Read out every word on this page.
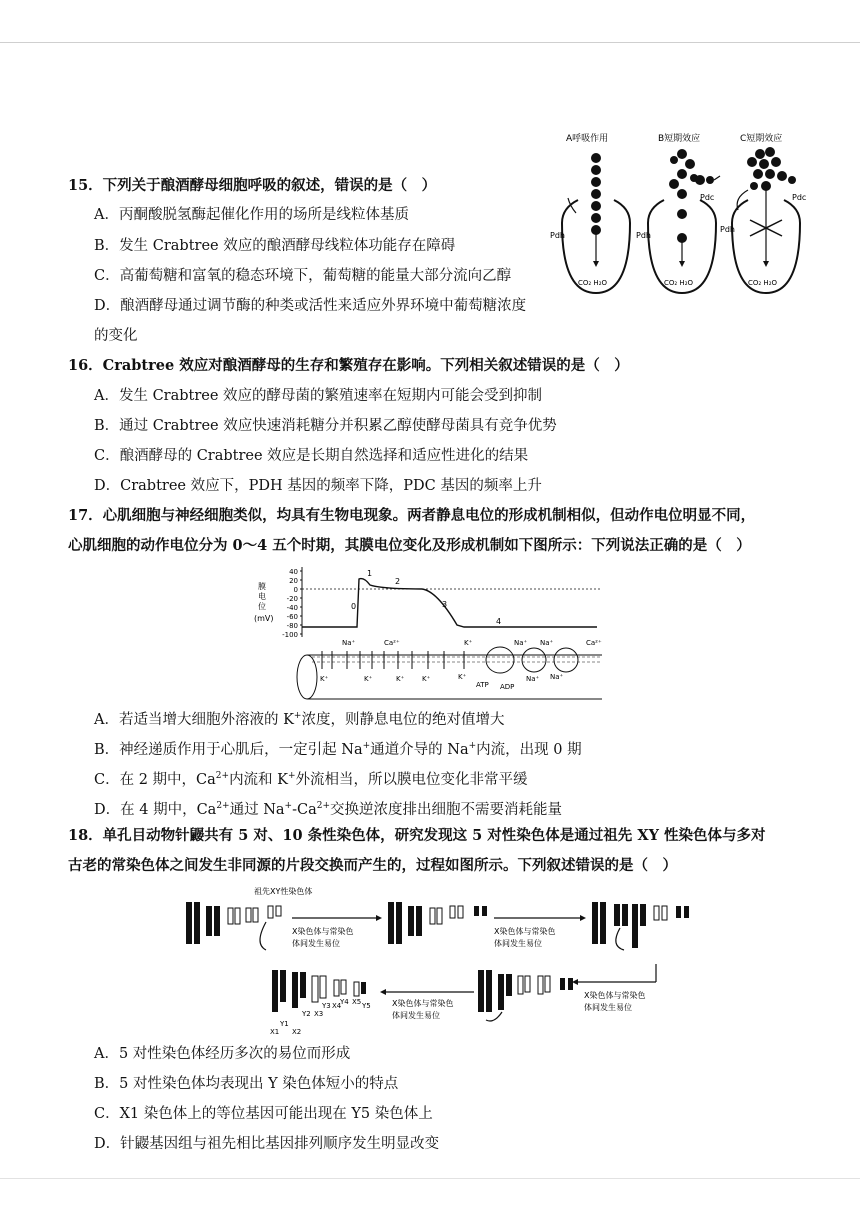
15．下列关于酿酒酵母细胞呼吸的叙述，错误的是（　）
A．丙酮酸脱氢酶起催化作用的场所是线粒体基质
B．发生 Crabtree 效应的酿酒酵母线粒体功能存在障碍
C．高葡萄糖和富氧的稳态环境下，葡萄糖的能量大部分流向乙醇
D．酿酒酵母通过调节酶的种类或活性来适应外界环境中葡萄糖浓度
的变化
A呼吸作用
Pdh
CO₂ H₂O
B短期效应
Pdc
Pdh
CO₂ H₂O
C短期效应
Pdc
Pdh
CO₂ H₂O
16．Crabtree 效应对酿酒酵母的生存和繁殖存在影响。下列相关叙述错误的是（　）
A．发生 Crabtree 效应的酵母菌的繁殖速率在短期内可能会受到抑制
B．通过 Crabtree 效应快速消耗糖分并积累乙醇使酵母菌具有竞争优势
C．酿酒酵母的 Crabtree 效应是长期自然选择和适应性进化的结果
D．Crabtree 效应下，PDH 基因的频率下降，PDC 基因的频率上升
17．心肌细胞与神经细胞类似，均具有生物电现象。两者静息电位的形成机制相似，但动作电位明显不同，
心肌细胞的动作电位分为 0～4 五个时期，其膜电位变化及形成机制如下图所示：下列说法正确的是（　）
膜
电
位
(mV)
40
20
0
-20
-40
-60
-80
-100
0
1
2
3
4
Na⁺	Ca²⁺	K⁺	Na⁺ Na⁺	Ca²⁺
K⁺	K⁺	K⁺	K⁺	K⁺	Na⁺
Na⁺
ATP ADP
A．若适当增大细胞外溶液的 K+浓度，则静息电位的绝对值增大
B．神经递质作用于心肌后，一定引起 Na+通道介导的 Na+内流，出现 0 期
C．在 2 期中，$Ca^{2+}$内流和 K+外流相当，所以膜电位变化非常平缓
D．在 4 期中，$Ca^{2+}$通过 $Na^+-Ca^{2+}$交换逆浓度排出细胞不需要消耗能量
18．单孔目动物针鼹共有 5 对、10 条性染色体，研究发现这 5 对性染色体是通过祖先 XY 性染色体与多对
古老的常染色体之间发生非同源的片段交换而产生的，过程如图所示。下列叙述错误的是（　）
祖先XY性染色体
X染色体与常染色
体间发生易位
X染色体与常染色
体间发生易位
X染色体与常染色
体间发生易位
X染色体与常染色
体间发生易位
X1
Y1
X2
Y2 X3
Y3 X4
Y4 X5 Y5
A．5 对性染色体经历多次的易位而形成
B．5 对性染色体均表现出 Y 染色体短小的特点
C．X1 染色体上的等位基因可能出现在 Y5 染色体上
D．针鼹基因组与祖先相比基因排列顺序发生明显改变
